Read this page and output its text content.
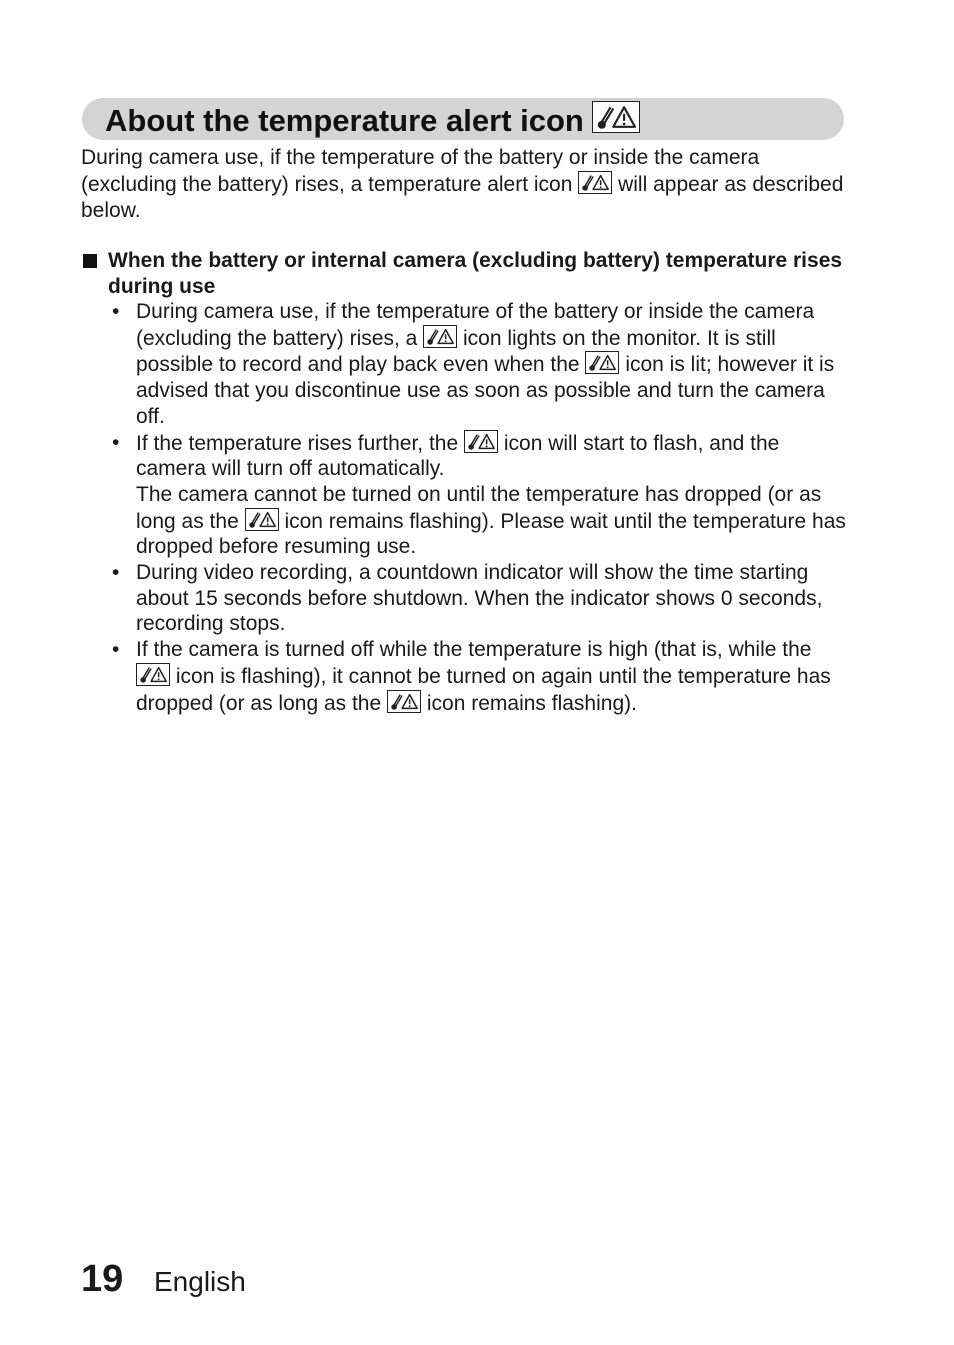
About the temperature alert icon

During camera use, if the temperature of the battery or inside the camera (excluding the battery) rises, a temperature alert icon will appear as described below.

When the battery or internal camera (excluding battery) temperature rises during use
• During camera use, if the temperature of the battery or inside the camera (excluding the battery) rises, a icon lights on the monitor. It is still possible to record and play back even when the icon is lit; however it is advised that you discontinue use as soon as possible and turn the camera off.
• If the temperature rises further, the icon will start to flash, and the camera will turn off automatically.
The camera cannot be turned on until the temperature has dropped (or as long as the icon remains flashing). Please wait until the temperature has dropped before resuming use.
• During video recording, a countdown indicator will show the time starting about 15 seconds before shutdown. When the indicator shows 0 seconds, recording stops.
• If the camera is turned off while the temperature is high (that is, while the
icon is flashing), it cannot be turned on again until the temperature has dropped (or as long as the icon remains flashing).
19 English
